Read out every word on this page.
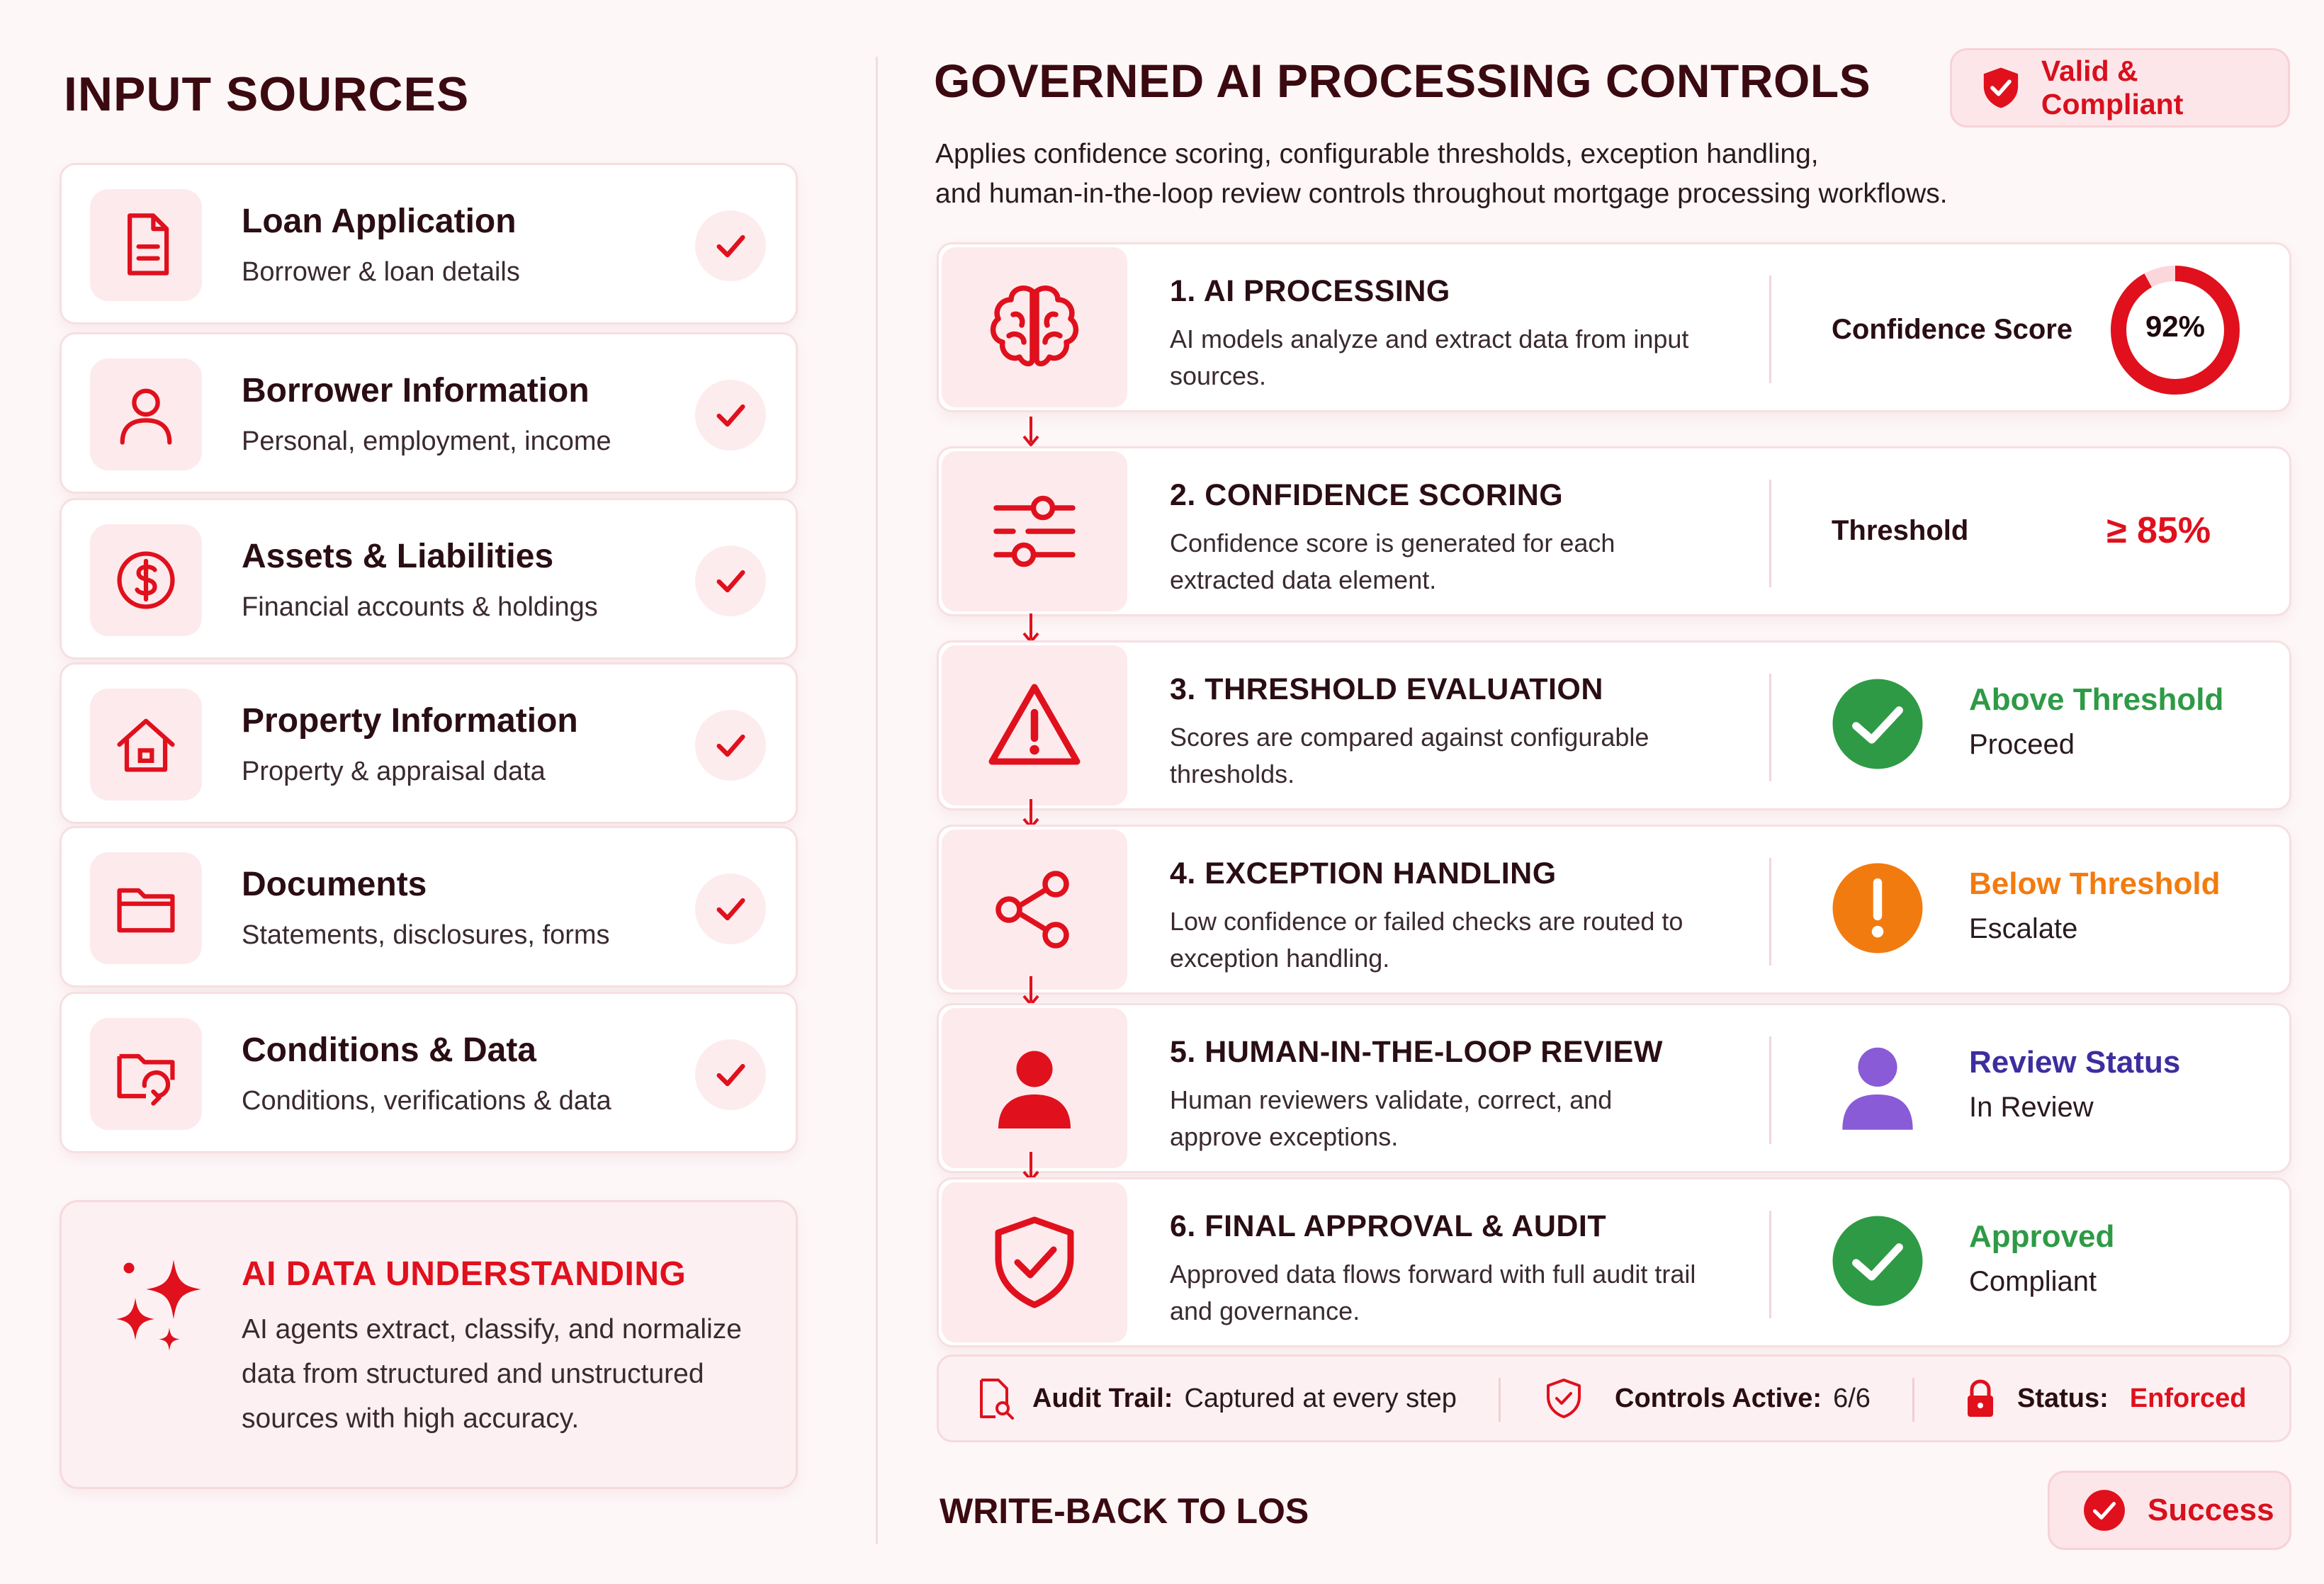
INPUT SOURCES
Loan Application
Borrower & loan details
Borrower Information
Personal, employment, income
Assets & Liabilities
Financial accounts & holdings
Property Information
Property & appraisal data
Documents
Statements, disclosures, forms
Conditions & Data
Conditions, verifications & data
AI DATA UNDERSTANDING
AI agents extract, classify, and normalize data from structured and unstructured sources with high accuracy.
GOVERNED AI PROCESSING CONTROLS
Applies confidence scoring, configurable thresholds, exception handling,
and human-in-the-loop review controls throughout mortgage processing workflows.
Valid & Compliant
1. AI PROCESSING
AI models analyze and extract data from input sources.
Confidence Score	92%
2. CONFIDENCE SCORING
Confidence score is generated for each extracted data element.
Threshold	≥ 85%
3. THRESHOLD EVALUATION
Scores are compared against configurable thresholds.
Above Threshold
Proceed
4. EXCEPTION HANDLING
Low confidence or failed checks are routed to exception handling.
Below Threshold
Escalate
5. HUMAN-IN-THE-LOOP REVIEW
Human reviewers validate, correct, and approve exceptions.
Review Status
In Review
6. FINAL APPROVAL & AUDIT
Approved data flows forward with full audit trail and governance.
Approved
Compliant
Audit Trail: Captured at every step	Controls Active: 6/6	Status: Enforced
WRITE-BACK TO LOS	Success
